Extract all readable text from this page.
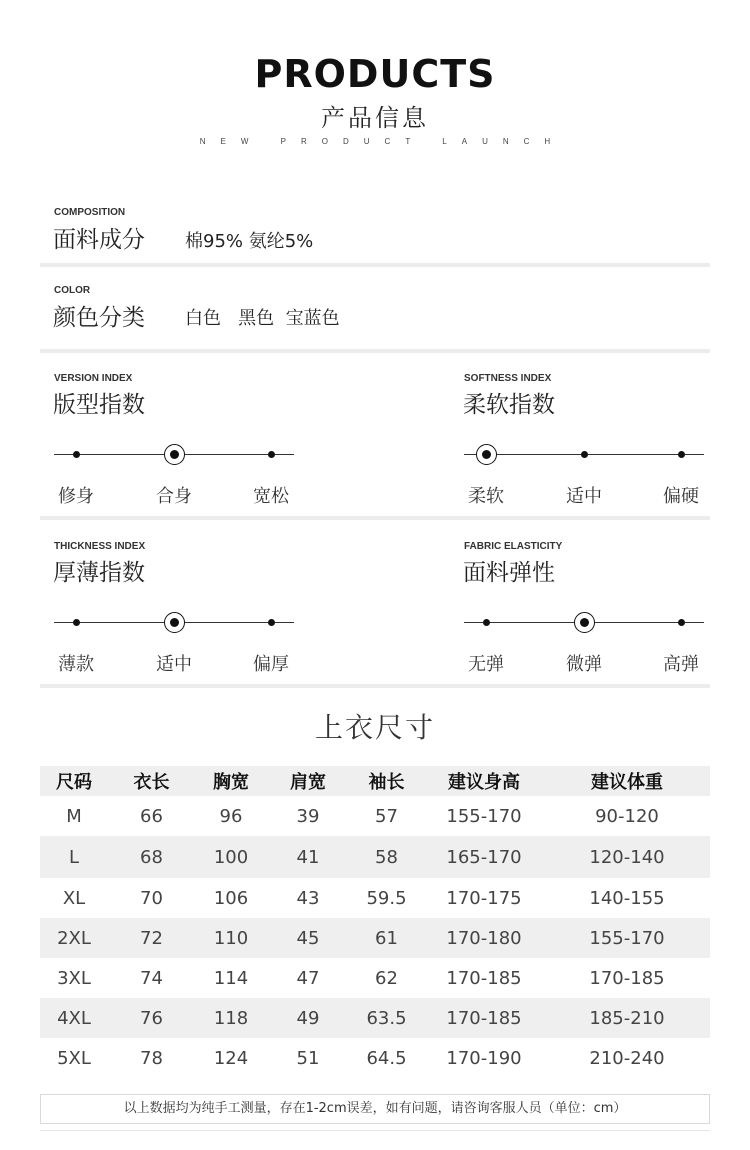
PRODUCTS
产品信息
NEW PRODUCT LAUNCH
COMPOSITION
面料成分 棉95% 氨纶5%
COLOR
颜色分类 白色   黑色  宝蓝色
VERSION INDEX
版型指数
修身	合身	宽松
SOFTNESS INDEX
柔软指数
柔软	适中	偏硬
THICKNESS INDEX
厚薄指数
薄款	适中	偏厚
FABRIC ELASTICITY
面料弹性
无弹	微弹	高弹
上衣尺寸
尺码	衣长	胸宽	肩宽	袖长	建议身高	建议体重
M	66	96	39	57	155-170	90-120
L	68	100	41	58	165-170	120-140
XL	70	106	43	59.5	170-175	140-155
2XL	72	110	45	61	170-180	155-170
3XL	74	114	47	62	170-185	170-185
4XL	76	118	49	63.5	170-185	185-210
5XL	78	124	51	64.5	170-190	210-240
以上数据均为纯手工测量，存在1-2cm误差，如有问题，请咨询客服人员（单位：cm）
